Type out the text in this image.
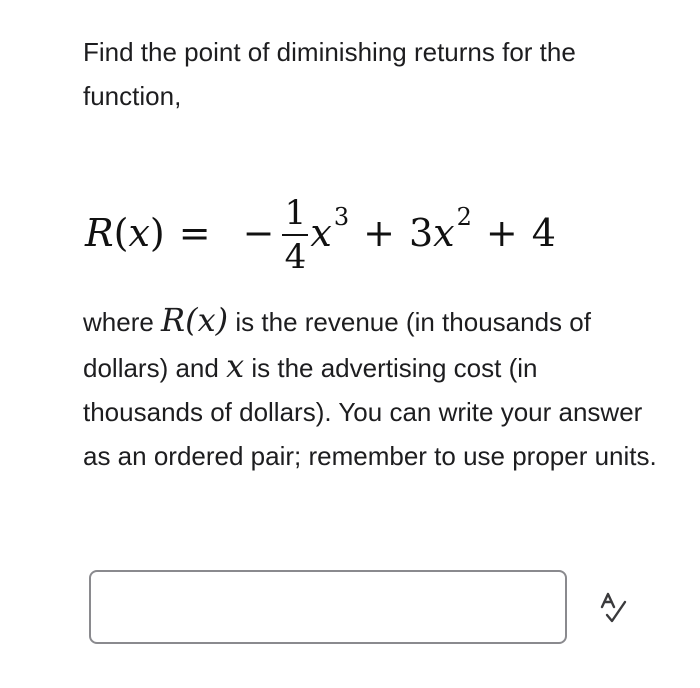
Find the point of diminishing returns for the function,

R ( x ) = − $\frac{1}{4} x^3 + 3$ $x^2 + 4$

where R(x) is the revenue (in thousands of dollars) and x is the advertising cost (in thousands of dollars). You can write your answer as an ordered pair; remember to use proper units.
